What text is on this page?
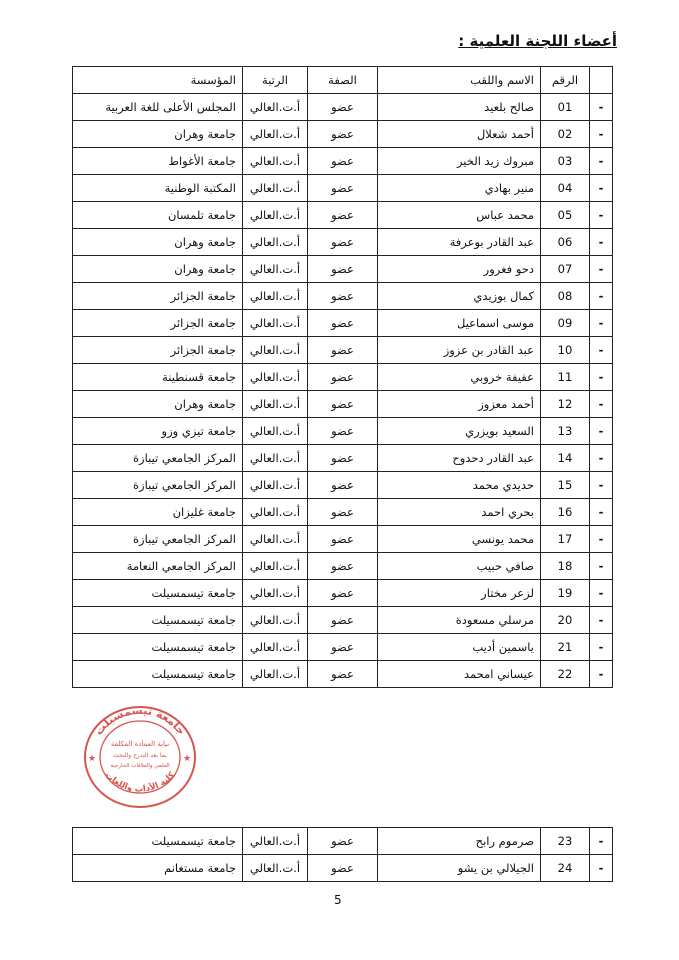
أعضاء اللجنة العلمية :
	الرقم	الاسم واللقب	الصفة	الرتبة	المؤسسة
-	01	صالح بلعيد	عضو	أ.ت.العالي	المجلس الأعلى للغة العربية
-	02	أحمد شعلال	عضو	أ.ت.العالي	جامعة وهران
-	03	مبروك زيد الخير	عضو	أ.ت.العالي	جامعة الأغواط
-	04	منير بهادي	عضو	أ.ت.العالي	المكتبة الوطنية
-	05	محمد عباس	عضو	أ.ت.العالي	جامعة تلمسان
-	06	عبد القادر بوعرفة	عضو	أ.ت.العالي	جامعة وهران
-	07	دحو فغرور	عضو	أ.ت.العالي	جامعة وهران
-	08	كمال بوزيدي	عضو	أ.ت.العالي	جامعة الجزائر
-	09	موسى اسماعيل	عضو	أ.ت.العالي	جامعة الجزائر
-	10	عبد القادر بن عزوز	عضو	أ.ت.العالي	جامعة الجزائر
-	11	عفيفة خروبي	عضو	أ.ت.العالي	جامعة قسنطينة
-	12	أحمد معزوز	عضو	أ.ت.العالي	جامعة وهران
-	13	السعيد بويزري	عضو	أ.ت.العالي	جامعة تيزي وزو
-	14	عبد القادر دحدوح	عضو	أ.ت.العالي	المركز الجامعي تيبازة
-	15	حديدي محمد	عضو	أ.ت.العالي	المركز الجامعي تيبازة
-	16	بحري احمد	عضو	أ.ت.العالي	جامعة غليزان
-	17	محمد يونسي	عضو	أ.ت.العالي	المركز الجامعي تيبازة
-	18	صافي حبيب	عضو	أ.ت.العالي	المركز الجامعي النعامة
-	19	لزعر مختار	عضو	أ.ت.العالي	جامعة تيسمسيلت
-	20	مرسلي مسعودة	عضو	أ.ت.العالي	جامعة تيسمسيلت
-	21	ياسمين أديب	عضو	أ.ت.العالي	جامعة تيسمسيلت
-	22	عيساني امحمد	عضو	أ.ت.العالي	جامعة تيسمسيلت
جامعة تيسمسيلت
كلية الآداب واللغات
نيابة العمادة المكلفة
بما بعد التدرج والبحث
العلمي والعلاقات الخارجية
★	★
-	23	صرموم رابح	عضو	أ.ت.العالي	جامعة تيسمسيلت
-	24	الجيلالي بن يشو	عضو	أ.ت.العالي	جامعة مستغانم
5
